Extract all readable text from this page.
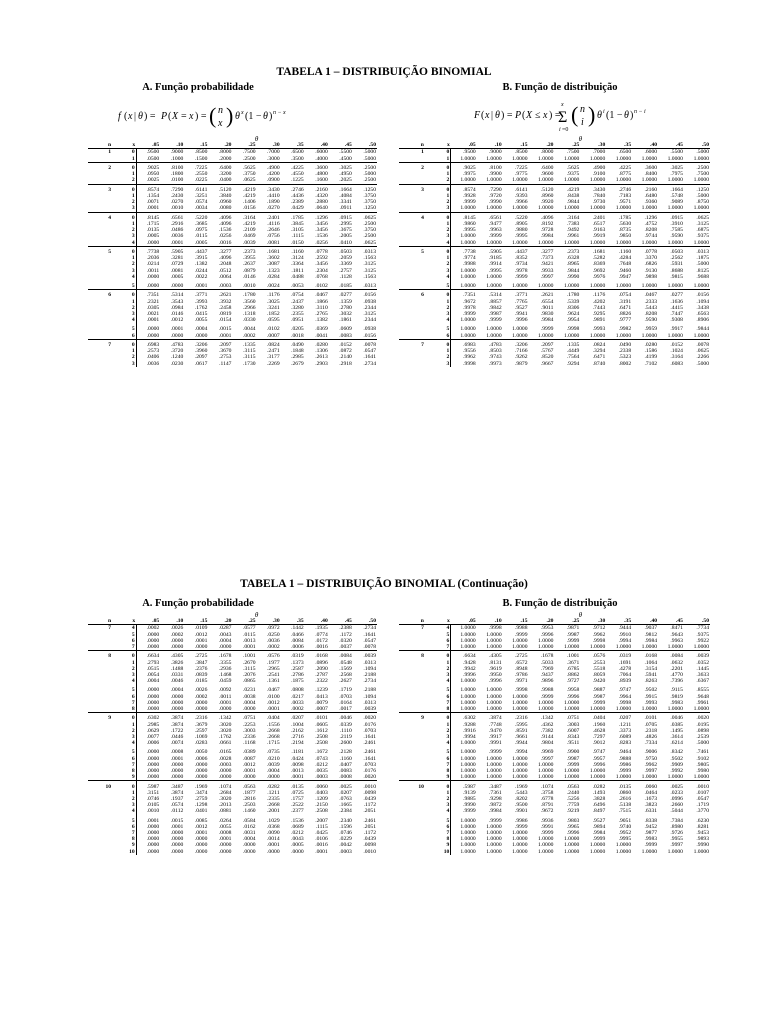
TABELA 1 – DISTRIBUIÇÃO BINOMIAL
A. Função probabilidade	B. Função de distribuição
f ( x | θ ) = P ( X = x ) = ( n
x ) θ x (1 − θ ) n − x	F ( x | θ ) = P ( X ≤ x ) =
x
Σ
i =0
( n
i ) θ i (1 − θ ) n − i
		θ									
n	x	.05	.10	.15	.20	.25	.30	.35	.40	.45	.50
1	0	.9500	.9000	.8500	.8000	.7500	.7000	.6500	.6000	.5500	.5000
	1	.0500	.1000	.1500	.2000	.2500	.3000	.3500	.4000	.4500	.5000
2	0	.9025	.8100	.7225	.6400	.5625	.4900	.4225	.3600	.3025	.2500
	1	.0950	.1800	.2550	.3200	.3750	.4200	.4550	.4800	.4950	.5000
	2	.0025	.0100	.0225	.0400	.0625	.0900	.1225	.1600	.2025	.2500
3	0	.8574	.7290	.6141	.5120	.4219	.3430	.2746	.2160	.1664	.1250
	1	.1354	.2430	.3251	.3840	.4219	.4410	.4436	.4320	.4084	.3750
	2	.0071	.0270	.0574	.0960	.1406	.1890	.2389	.2880	.3341	.3750
	3	.0001	.0010	.0034	.0080	.0156	.0270	.0429	.0640	.0911	.1250
4	0	.8145	.6561	.5220	.4096	.3164	.2401	.1785	.1296	.0915	.0625
	1	.1715	.2916	.3685	.4096	.4219	.4116	.3845	.3456	.2995	.2500
	2	.0135	.0486	.0975	.1536	.2109	.2646	.3105	.3456	.3675	.3750
	3	.0005	.0036	.0115	.0256	.0469	.0756	.1115	.1536	.2005	.2500
	4	.0000	.0001	.0005	.0016	.0039	.0081	.0150	.0256	.0410	.0625
5	0	.7738	.5905	.4437	.3277	.2373	.1681	.1160	.0778	.0503	.0313
	1	.2036	.3281	.3915	.4096	.3955	.3602	.3124	.2592	.2059	.1563
	2	.0214	.0729	.1382	.2048	.2637	.3087	.3364	.3456	.3369	.3125
	3	.0011	.0081	.0244	.0512	.0879	.1323	.1811	.2304	.2757	.3125
	4	.0000	.0005	.0022	.0064	.0146	.0284	.0488	.0768	.1128	.1563
	5	.0000	.0000	.0001	.0003	.0010	.0024	.0053	.0102	.0185	.0313
6	0	.7351	.5314	.3771	.2621	.1780	.1176	.0754	.0467	.0277	.0156
	1	.2321	.3543	.3993	.3932	.3560	.3025	.2437	.1866	.1359	.0938
	2	.0305	.0984	.1762	.2458	.2966	.3241	.3280	.3110	.2780	.2344
	3	.0021	.0146	.0415	.0819	.1318	.1852	.2355	.2765	.3032	.3125
	4	.0001	.0012	.0055	.0154	.0330	.0595	.0951	.1382	.1861	.2344
	5	.0000	.0001	.0004	.0015	.0044	.0102	.0205	.0369	.0609	.0938
	6	.0000	.0000	.0000	.0001	.0002	.0007	.0018	.0041	.0083	.0156
7	0	.6983	.4783	.3206	.2097	.1335	.0824	.0490	.0280	.0152	.0078
	1	.2573	.3720	.3960	.3670	.3115	.2471	.1848	.1306	.0872	.0547
	2	.0406	.1240	.2097	.2753	.3115	.3177	.2985	.2613	.2140	.1641
	3	.0036	.0230	.0617	.1147	.1730	.2269	.2679	.2903	.2918	.2734
		θ									
n	x	.05	.10	.15	.20	.25	.30	.35	.40	.45	.50
1	0	.9500	.9000	.8500	.8000	.7500	.7000	.6500	.6000	.5500	.5000
	1	1.0000	1.0000	1.0000	1.0000	1.0000	1.0000	1.0000	1.0000	1.0000	1.0000
2	0	.9025	.8100	.7225	.6400	.5625	.4900	.4225	.3600	.3025	.2500
	1	.9975	.9900	.9775	.9600	.9375	.9100	.8775	.8400	.7975	.7500
	2	1.0000	1.0000	1.0000	1.0000	1.0000	1.0000	1.0000	1.0000	1.0000	1.0000
3	0	.8574	.7290	.6141	.5120	.4219	.3430	.2746	.2160	.1664	.1250
	1	.9928	.9720	.9393	.8960	.8438	.7840	.7183	.6480	.5748	.5000
	2	.9999	.9990	.9966	.9920	.9844	.9730	.9571	.9360	.9089	.8750
	3	1.0000	1.0000	1.0000	1.0000	1.0000	1.0000	1.0000	1.0000	1.0000	1.0000
4	0	.8145	.6561	.5220	.4096	.3164	.2401	.1785	.1296	.0915	.0625
	1	.9860	.9477	.8905	.8192	.7383	.6517	.5630	.4752	.3910	.3125
	2	.9995	.9963	.9880	.9728	.9492	.9163	.8735	.8208	.7585	.6875
	3	1.0000	.9999	.9995	.9984	.9961	.9919	.9850	.9744	.9590	.9375
	4	1.0000	1.0000	1.0000	1.0000	1.0000	1.0000	1.0000	1.0000	1.0000	1.0000
5	0	.7738	.5905	.4437	.3277	.2373	.1681	.1160	.0778	.0503	.0313
	1	.9774	.9185	.8352	.7373	.6328	.5282	.4284	.3370	.2562	.1875
	2	.9988	.9914	.9734	.9421	.8965	.8369	.7648	.6826	.5931	.5000
	3	1.0000	.9995	.9978	.9933	.9844	.9692	.9460	.9130	.8688	.8125
	4	1.0000	1.0000	.9999	.9997	.9990	.9976	.9947	.9898	.9815	.9688
	5	1.0000	1.0000	1.0000	1.0000	1.0000	1.0000	1.0000	1.0000	1.0000	1.0000
6	0	.7351	.5314	.3771	.2621	.1780	.1176	.0754	.0467	.0277	.0156
	1	.9672	.8857	.7765	.6554	.5339	.4202	.3191	.2333	.1636	.1094
	2	.9978	.9842	.9527	.9011	.8306	.7443	.6471	.5443	.4415	.3438
	3	.9999	.9987	.9941	.9830	.9624	.9295	.8826	.8208	.7447	.6563
	4	1.0000	.9999	.9996	.9984	.9954	.9891	.9777	.9590	.9308	.8906
	5	1.0000	1.0000	1.0000	.9999	.9998	.9993	.9982	.9959	.9917	.9844
	6	1.0000	1.0000	1.0000	1.0000	1.0000	1.0000	1.0000	1.0000	1.0000	1.0000
7	0	.6983	.4783	.3206	.2097	.1335	.0824	.0490	.0280	.0152	.0078
	1	.9556	.8503	.7166	.5767	.4449	.3294	.2338	.1586	.1024	.0625
	2	.9962	.9743	.9262	.8520	.7564	.6471	.5323	.4199	.3164	.2266
	3	.9998	.9973	.9879	.9667	.9294	.8740	.8002	.7102	.6083	.5000
TABELA 1 – DISTRIBUIÇÃO BINOMIAL (Continuação)
A. Função probabilidade	B. Função de distribuição
		θ									
n	x	.05	.10	.15	.20	.25	.30	.35	.40	.45	.50
7	4	.0002	.0026	.0109	.0287	.0577	.0972	.1442	.1935	.2388	.2734
	5	.0000	.0002	.0012	.0043	.0115	.0250	.0466	.0774	.1172	.1641
	6	.0000	.0000	.0001	.0004	.0013	.0036	.0084	.0172	.0320	.0547
	7	.0000	.0000	.0000	.0000	.0001	.0002	.0006	.0016	.0037	.0078
8	0	.6634	.4305	.2725	.1678	.1001	.0576	.0319	.0168	.0084	.0039
	1	.2793	.3826	.3847	.3355	.2670	.1977	.1373	.0896	.0548	.0313
	2	.0515	.1488	.2376	.2936	.3115	.2965	.2587	.2090	.1569	.1094
	3	.0054	.0331	.0839	.1468	.2076	.2541	.2786	.2787	.2568	.2188
	4	.0004	.0046	.0185	.0459	.0865	.1361	.1875	.2322	.2627	.2734
	5	.0000	.0004	.0026	.0092	.0231	.0467	.0808	.1239	.1719	.2188
	6	.0000	.0000	.0002	.0011	.0038	.0100	.0217	.0413	.0703	.1094
	7	.0000	.0000	.0000	.0001	.0004	.0012	.0033	.0079	.0164	.0313
	8	.0000	.0000	.0000	.0000	.0000	.0001	.0002	.0007	.0017	.0039
9	0	.6302	.3874	.2316	.1342	.0751	.0404	.0207	.0101	.0046	.0020
	1	.2985	.3874	.3679	.3020	.2253	.1556	.1004	.0605	.0339	.0176
	2	.0629	.1722	.2597	.3020	.3003	.2668	.2162	.1612	.1110	.0703
	3	.0077	.0446	.1069	.1762	.2336	.2668	.2716	.2508	.2119	.1641
	4	.0006	.0074	.0283	.0661	.1168	.1715	.2194	.2508	.2600	.2461
	5	.0000	.0008	.0050	.0165	.0389	.0735	.1181	.1672	.2128	.2461
	6	.0000	.0001	.0006	.0028	.0087	.0210	.0424	.0743	.1160	.1641
	7	.0000	.0000	.0000	.0003	.0012	.0039	.0098	.0212	.0407	.0703
	8	.0000	.0000	.0000	.0000	.0001	.0004	.0013	.0035	.0083	.0176
	9	.0000	.0000	.0000	.0000	.0000	.0000	.0001	.0003	.0008	.0020
10	0	.5987	.3487	.1969	.1074	.0563	.0282	.0135	.0060	.0025	.0010
	1	.3151	.3874	.3474	.2684	.1877	.1211	.0725	.0403	.0207	.0098
	2	.0746	.1937	.2759	.3020	.2816	.2335	.1757	.1209	.0763	.0439
	3	.0105	.0574	.1298	.2013	.2503	.2668	.2522	.2150	.1665	.1172
	4	.0010	.0112	.0401	.0881	.1460	.2001	.2377	.2508	.2384	.2051
	5	.0001	.0015	.0085	.0264	.0584	.1029	.1536	.2007	.2340	.2461
	6	.0000	.0001	.0012	.0055	.0162	.0368	.0689	.1115	.1596	.2051
	7	.0000	.0000	.0001	.0008	.0031	.0090	.0212	.0425	.0746	.1172
	8	.0000	.0000	.0000	.0001	.0004	.0014	.0043	.0106	.0229	.0439
	9	.0000	.0000	.0000	.0000	.0000	.0001	.0005	.0016	.0042	.0098
	10	.0000	.0000	.0000	.0000	.0000	.0000	.0000	.0001	.0003	.0010
		θ									
n	x	.05	.10	.15	.20	.25	.30	.35	.40	.45	.50
7	4	1.0000	.9998	.9988	.9953	.9871	.9712	.9444	.9037	.8471	.7734
	5	1.0000	1.0000	.9999	.9996	.9987	.9962	.9910	.9812	.9643	.9375
	6	1.0000	1.0000	1.0000	1.0000	.9999	.9998	.9994	.9984	.9963	.9922
	7	1.0000	1.0000	1.0000	1.0000	1.0000	1.0000	1.0000	1.0000	1.0000	1.0000
8	0	.6634	.4305	.2725	.1678	.1001	.0576	.0319	.0168	.0084	.0039
	1	.9428	.8131	.6572	.5033	.3671	.2553	.1691	.1064	.0632	.0352
	2	.9942	.9619	.8948	.7969	.6785	.5518	.4278	.3154	.2201	.1445
	3	.9996	.9950	.9786	.9437	.8862	.8059	.7064	.5941	.4770	.3633
	4	1.0000	.9996	.9971	.9896	.9727	.9420	.8939	.8263	.7396	.6367
	5	1.0000	1.0000	.9998	.9988	.9958	.9887	.9747	.9502	.9115	.8555
	6	1.0000	1.0000	1.0000	.9999	.9996	.9987	.9964	.9915	.9819	.9648
	7	1.0000	1.0000	1.0000	1.0000	1.0000	.9999	.9998	.9993	.9983	.9961
	8	1.0000	1.0000	1.0000	1.0000	1.0000	1.0000	1.0000	1.0000	1.0000	1.0000
9	0	.6302	.3874	.2316	.1342	.0751	.0404	.0207	.0101	.0046	.0020
	1	.9288	.7748	.5995	.4362	.3003	.1960	.1211	.0705	.0385	.0195
	2	.9916	.9470	.8591	.7382	.6007	.4628	.3373	.2318	.1495	.0898
	3	.9994	.9917	.9661	.9144	.8343	.7297	.6089	.4826	.3614	.2539
	4	1.0000	.9991	.9944	.9804	.9511	.9012	.8283	.7334	.6214	.5000
	5	1.0000	.9999	.9994	.9969	.9900	.9747	.9464	.9006	.8342	.7461
	6	1.0000	1.0000	1.0000	.9997	.9987	.9957	.9888	.9750	.9502	.9102
	7	1.0000	1.0000	1.0000	1.0000	.9999	.9996	.9986	.9962	.9909	.9805
	8	1.0000	1.0000	1.0000	1.0000	1.0000	1.0000	.9999	.9997	.9992	.9980
	9	1.0000	1.0000	1.0000	1.0000	1.0000	1.0000	1.0000	1.0000	1.0000	1.0000
10	0	.5987	.3487	.1969	.1074	.0563	.0282	.0135	.0060	.0025	.0010
	1	.9139	.7361	.5443	.3758	.2440	.1493	.0860	.0464	.0233	.0107
	2	.9885	.9298	.8202	.6778	.5256	.3828	.2616	.1673	.0996	.0547
	3	.9990	.9872	.9500	.8791	.7759	.6496	.5138	.3823	.2660	.1719
	4	.9999	.9984	.9901	.9672	.9219	.8497	.7515	.6331	.5044	.3770
	5	1.0000	.9999	.9986	.9936	.9803	.9527	.9051	.8338	.7384	.6230
	6	1.0000	1.0000	.9999	.9991	.9965	.9894	.9740	.9452	.8980	.8281
	7	1.0000	1.0000	1.0000	.9999	.9996	.9984	.9952	.9877	.9726	.9453
	8	1.0000	1.0000	1.0000	1.0000	1.0000	.9999	.9995	.9983	.9955	.9893
	9	1.0000	1.0000	1.0000	1.0000	1.0000	1.0000	1.0000	.9999	.9997	.9990
	10	1.0000	1.0000	1.0000	1.0000	1.0000	1.0000	1.0000	1.0000	1.0000	1.0000
